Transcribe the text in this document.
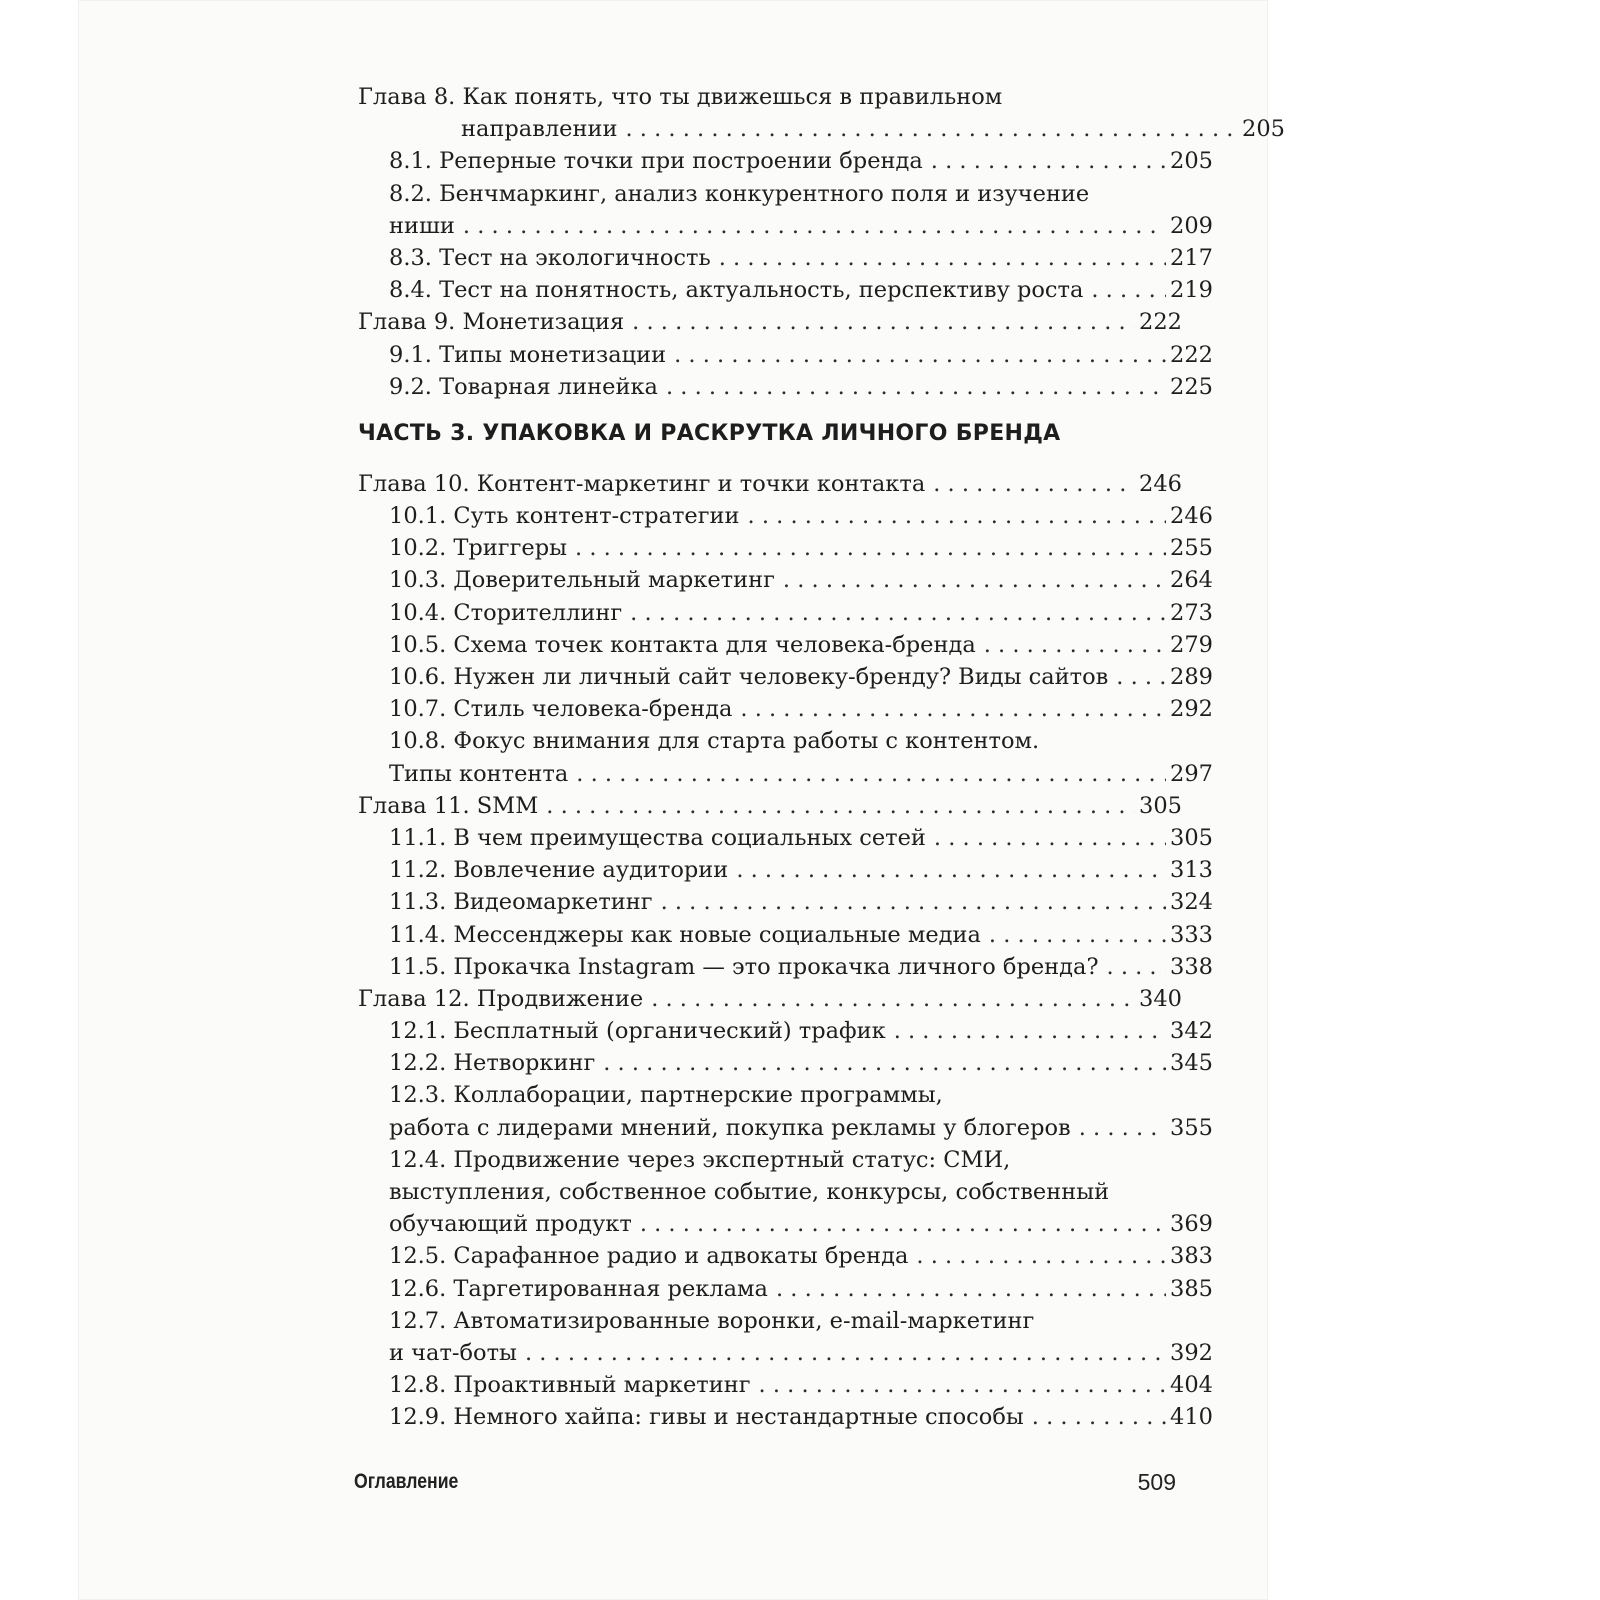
Глава 8. Как понять, что ты движешься в правильном
направлении . . .	205
8.1. Реперные точки при построении бренда . . .	205
8.2. Бенчмаркинг, анализ конкурентного поля и изучение
ниши . . .	209
8.3. Тест на экологичность . . .	217
8.4. Тест на понятность, актуальность, перспективу роста . . .	219
Глава 9. Монетизация . . .	222
9.1. Типы монетизации . . .	222
9.2. Товарная линейка . . .	225
ЧАСТЬ 3. УПАКОВКА И РАСКРУТКА ЛИЧНОГО БРЕНДА
Глава 10. Контент-маркетинг и точки контакта . . .	246
10.1. Суть контент-стратегии . . .	246
10.2. Триггеры . . .	255
10.3. Доверительный маркетинг . . .	264
10.4. Сторителлинг . . .	273
10.5. Схема точек контакта для человека-бренда . . .	279
10.6. Нужен ли личный сайт человеку-бренду? Виды сайтов . . .	289
10.7. Стиль человека-бренда . . .	292
10.8. Фокус внимания для старта работы с контентом.
Типы контента . . .	297
Глава 11. SMM . . .	305
11.1. В чем преимущества социальных сетей . . .	305
11.2. Вовлечение аудитории . . .	313
11.3. Видеомаркетинг . . .	324
11.4. Мессенджеры как новые социальные медиа . . .	333
11.5. Прокачка Instagram — это прокачка личного бренда? . . .	338
Глава 12. Продвижение . . .	340
12.1. Бесплатный (органический) трафик . . .	342
12.2. Нетворкинг . . .	345
12.3. Коллаборации, партнерские программы,
работа с лидерами мнений, покупка рекламы у блогеров . . .	355
12.4. Продвижение через экспертный статус: СМИ,
выступления, собственное событие, конкурсы, собственный
обучающий продукт . . .	369
12.5. Сарафанное радио и адвокаты бренда . . .	383
12.6. Таргетированная реклама . . .	385
12.7. Автоматизированные воронки, e-mail-маркетинг
и чат-боты . . .	392
12.8. Проактивный маркетинг . . .	404
12.9. Немного хайпа: гивы и нестандартные способы . . .	410
Оглавление	509
